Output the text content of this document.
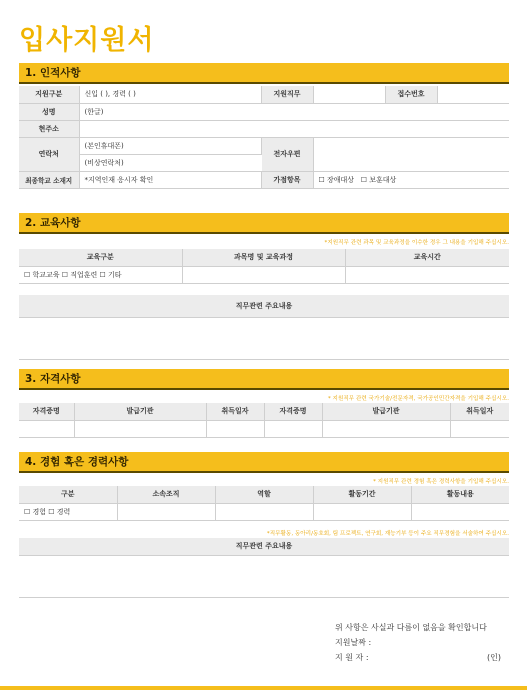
입사지원서
1. 인적사항
지원구분	신입 ( ), 경력 ( )	지원직무		접수번호	
성명	(한글)				
현주소					
연락처	(본인휴대폰)	전자우편			
	(비상연락처)				
최종학교 소재지	*지역인재 응시자 확인	가점항목	☐ 장애대상 ☐ 보훈대상		
2. 교육사항
*지원직무 관련 과목 및 교육과정을 이수한 경우 그 내용을 기입해 주십시오.
교육구분	과목명 및 교육과정	교육시간
☐ 학교교육 ☐ 직업훈련 ☐ 기타		

직무관련 주요내용
3. 자격사항
* 지원직무 관련 국가기술/전문자격, 국가공인민간자격을 기입해 주십시오.
자격증명	발급기관	취득일자	자격증명	발급기관	취득일자

4. 경험 혹은 경력사항
* 지원직무 관련 경험 혹은 경력사항을 기입해 주십시오.
구분	소속조직	역할	활동기간	활동내용
☐ 경험 ☐ 경력				
*직무활동, 동아리/동호회, 팀 프로젝트, 연구회, 재능기부 등이 주요 직무경험을 서술하여 주십시오.
직무관련 주요내용
위 사항은 사실과 다름이 없음을 확인합니다
지원날짜 :
지 원 자 :	(인)
